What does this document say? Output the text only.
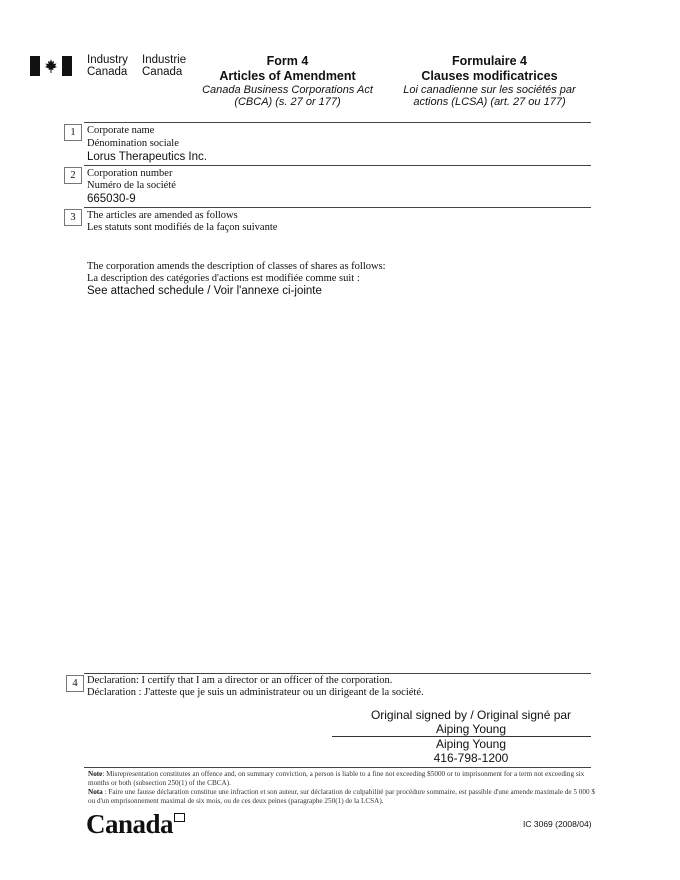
Industry
Canada
Industrie
Canada
Form 4
Articles of Amendment
Canada Business Corporations Act
(CBCA) (s. 27 or 177)
Formulaire 4
Clauses modificatrices
Loi canadienne sur les sociétés par
actions (LCSA) (art. 27 ou 177)
1	Corporate name
Dénomination sociale
Lorus Therapeutics Inc.
2	Corporation number
Numéro de la société
665030-9
3	The articles are amended as follows
Les statuts sont modifiés de la façon suivante
The corporation amends the description of classes of shares as follows:
La description des catégories d'actions est modifiée comme suit :
See attached schedule / Voir l'annexe ci-jointe
4 Declaration: I certify that I am a director or an officer of the corporation.
Déclaration : J'atteste que je suis un administrateur ou un dirigeant de la société.
Original signed by / Original signé par
Aiping Young
Aiping Young
416-798-1200
Note: Misrepresentation constitutes an offence and, on summary conviction, a person is liable to a fine not exceeding $5000 or to imprisonment for a term not exceeding six months or both (subsection 250(1) of the CBCA).
Nota : Faire une fausse déclaration constitue une infraction et son auteur, sur déclaration de culpabilité par procédure sommaire, est passible d'une amende maximale de 5 000 $ ou d'un emprisonnement maximal de six mois, ou de ces deux peines (paragraphe 250(1) de la LCSA).
Canada	IC 3069 (2008/04)
